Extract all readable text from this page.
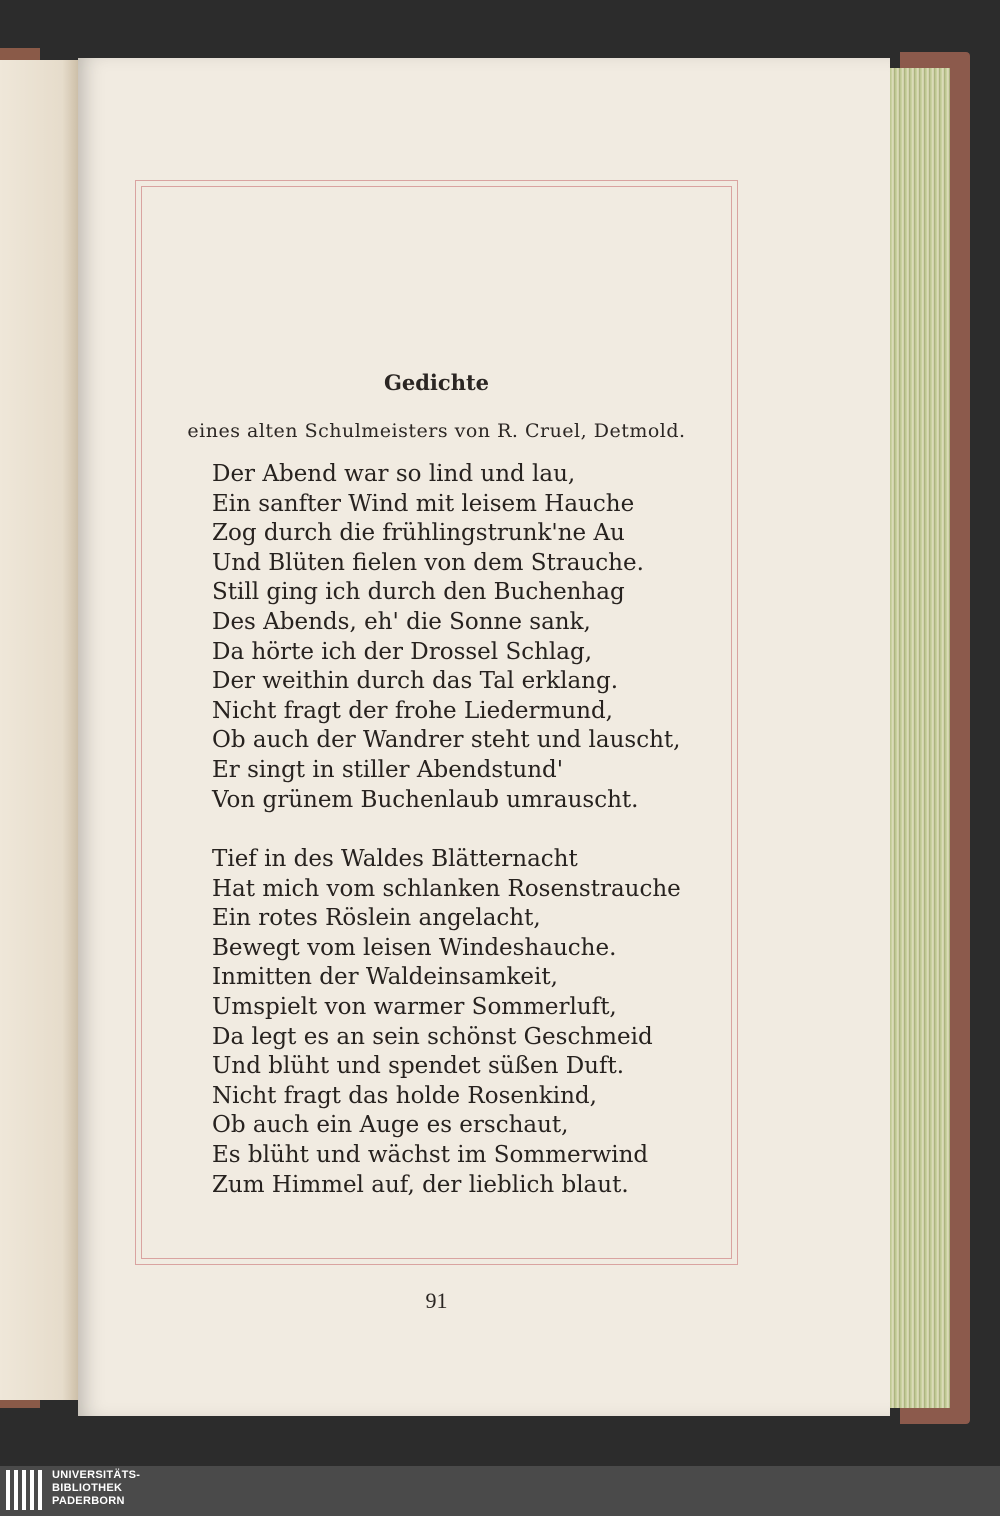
Gedichte
eines alten Schulmeisters von R. Cruel, Detmold.
Der Abend war so lind und lau,
Ein sanfter Wind mit leisem Hauche
Zog durch die frühlingstrunk'ne Au
Und Blüten fielen von dem Strauche.
Still ging ich durch den Buchenhag
Des Abends, eh' die Sonne sank,
Da hörte ich der Drossel Schlag,
Der weithin durch das Tal erklang.
Nicht fragt der frohe Liedermund,
Ob auch der Wandrer steht und lauscht,
Er singt in stiller Abendstund'
Von grünem Buchenlaub umrauscht.
Tief in des Waldes Blätternacht
Hat mich vom schlanken Rosenstrauche
Ein rotes Röslein angelacht,
Bewegt vom leisen Windeshauche.
Inmitten der Waldeinsamkeit,
Umspielt von warmer Sommerluft,
Da legt es an sein schönst Geschmeid
Und blüht und spendet süßen Duft.
Nicht fragt das holde Rosenkind,
Ob auch ein Auge es erschaut,
Es blüht und wächst im Sommerwind
Zum Himmel auf, der lieblich blaut.
91
UNIVERSITÄTS-
BIBLIOTHEK
PADERBORN
